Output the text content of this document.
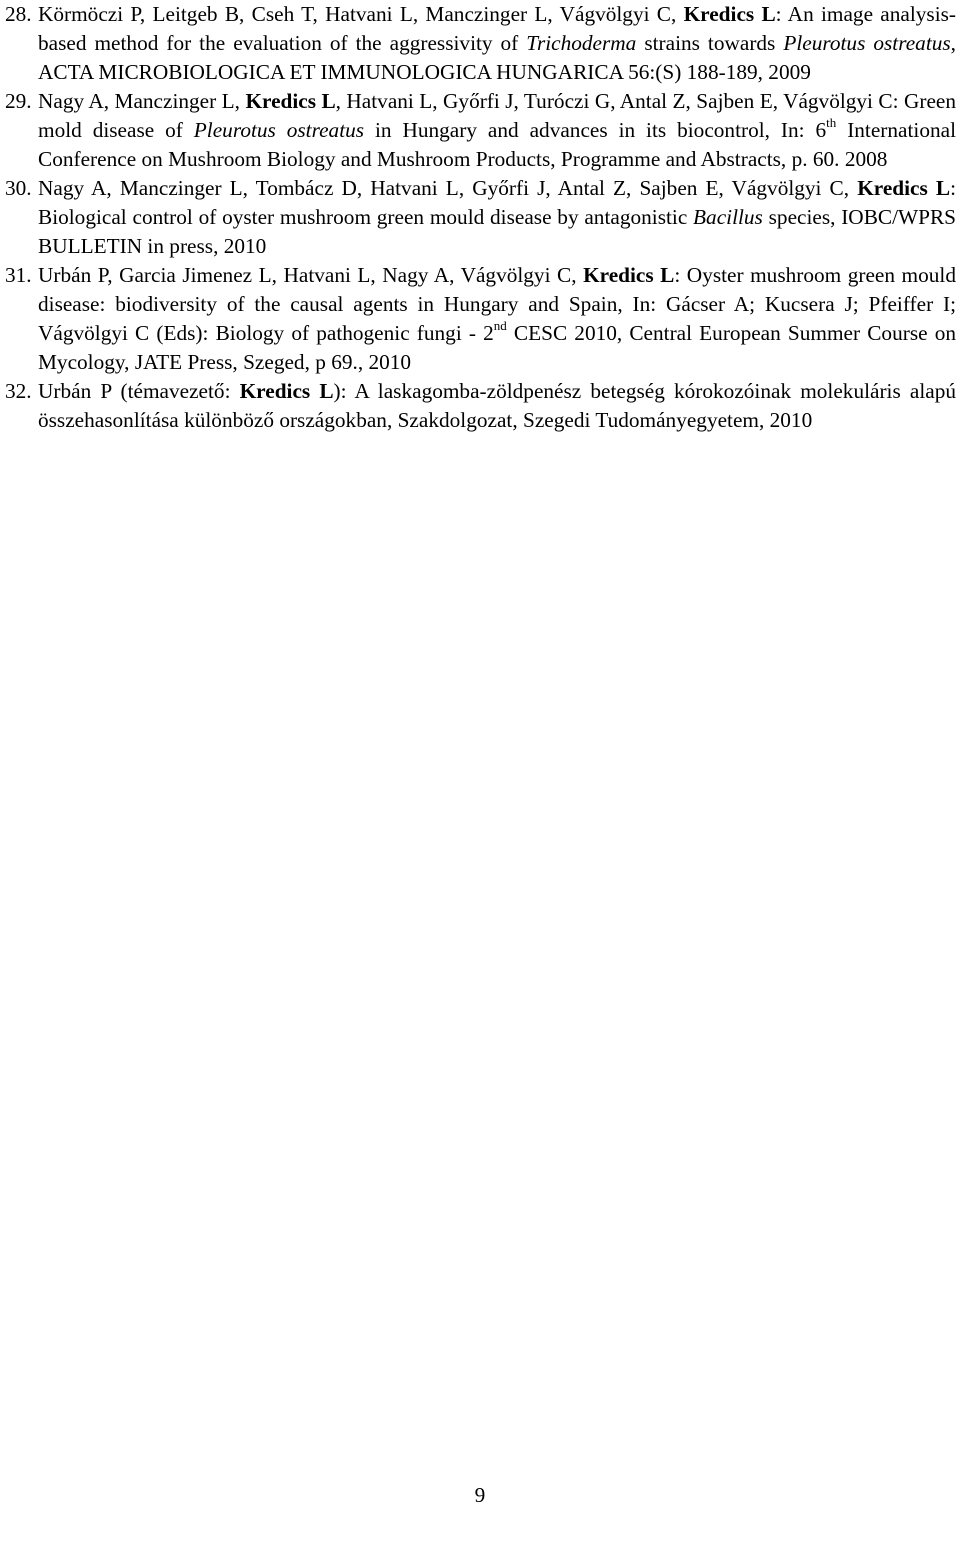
28. Körmöczi P, Leitgeb B, Cseh T, Hatvani L, Manczinger L, Vágvölgyi C, Kredics L: An image analysis-based method for the evaluation of the aggressivity of Trichoderma strains towards Pleurotus ostreatus, ACTA MICROBIOLOGICA ET IMMUNOLOGICA HUNGARICA 56:(S) 188-189, 2009
29. Nagy A, Manczinger L, Kredics L, Hatvani L, Győrfi J, Turóczi G, Antal Z, Sajben E, Vágvölgyi C: Green mold disease of Pleurotus ostreatus in Hungary and advances in its biocontrol, In: 6th International Conference on Mushroom Biology and Mushroom Products, Programme and Abstracts, p. 60. 2008
30. Nagy A, Manczinger L, Tombácz D, Hatvani L, Győrfi J, Antal Z, Sajben E, Vágvölgyi C, Kredics L: Biological control of oyster mushroom green mould disease by antagonistic Bacillus species, IOBC/WPRS BULLETIN in press, 2010
31. Urbán P, Garcia Jimenez L, Hatvani L, Nagy A, Vágvölgyi C, Kredics L: Oyster mushroom green mould disease: biodiversity of the causal agents in Hungary and Spain, In: Gácser A; Kucsera J; Pfeiffer I; Vágvölgyi C (Eds): Biology of pathogenic fungi - 2nd CESC 2010, Central European Summer Course on Mycology, JATE Press, Szeged, p 69., 2010
32. Urbán P (témavezető: Kredics L): A laskagomba-zöldpenész betegség kórokozóinak molekuláris alapú összehasonlítása különböző országokban, Szakdolgozat, Szegedi Tudományegyetem, 2010
9
